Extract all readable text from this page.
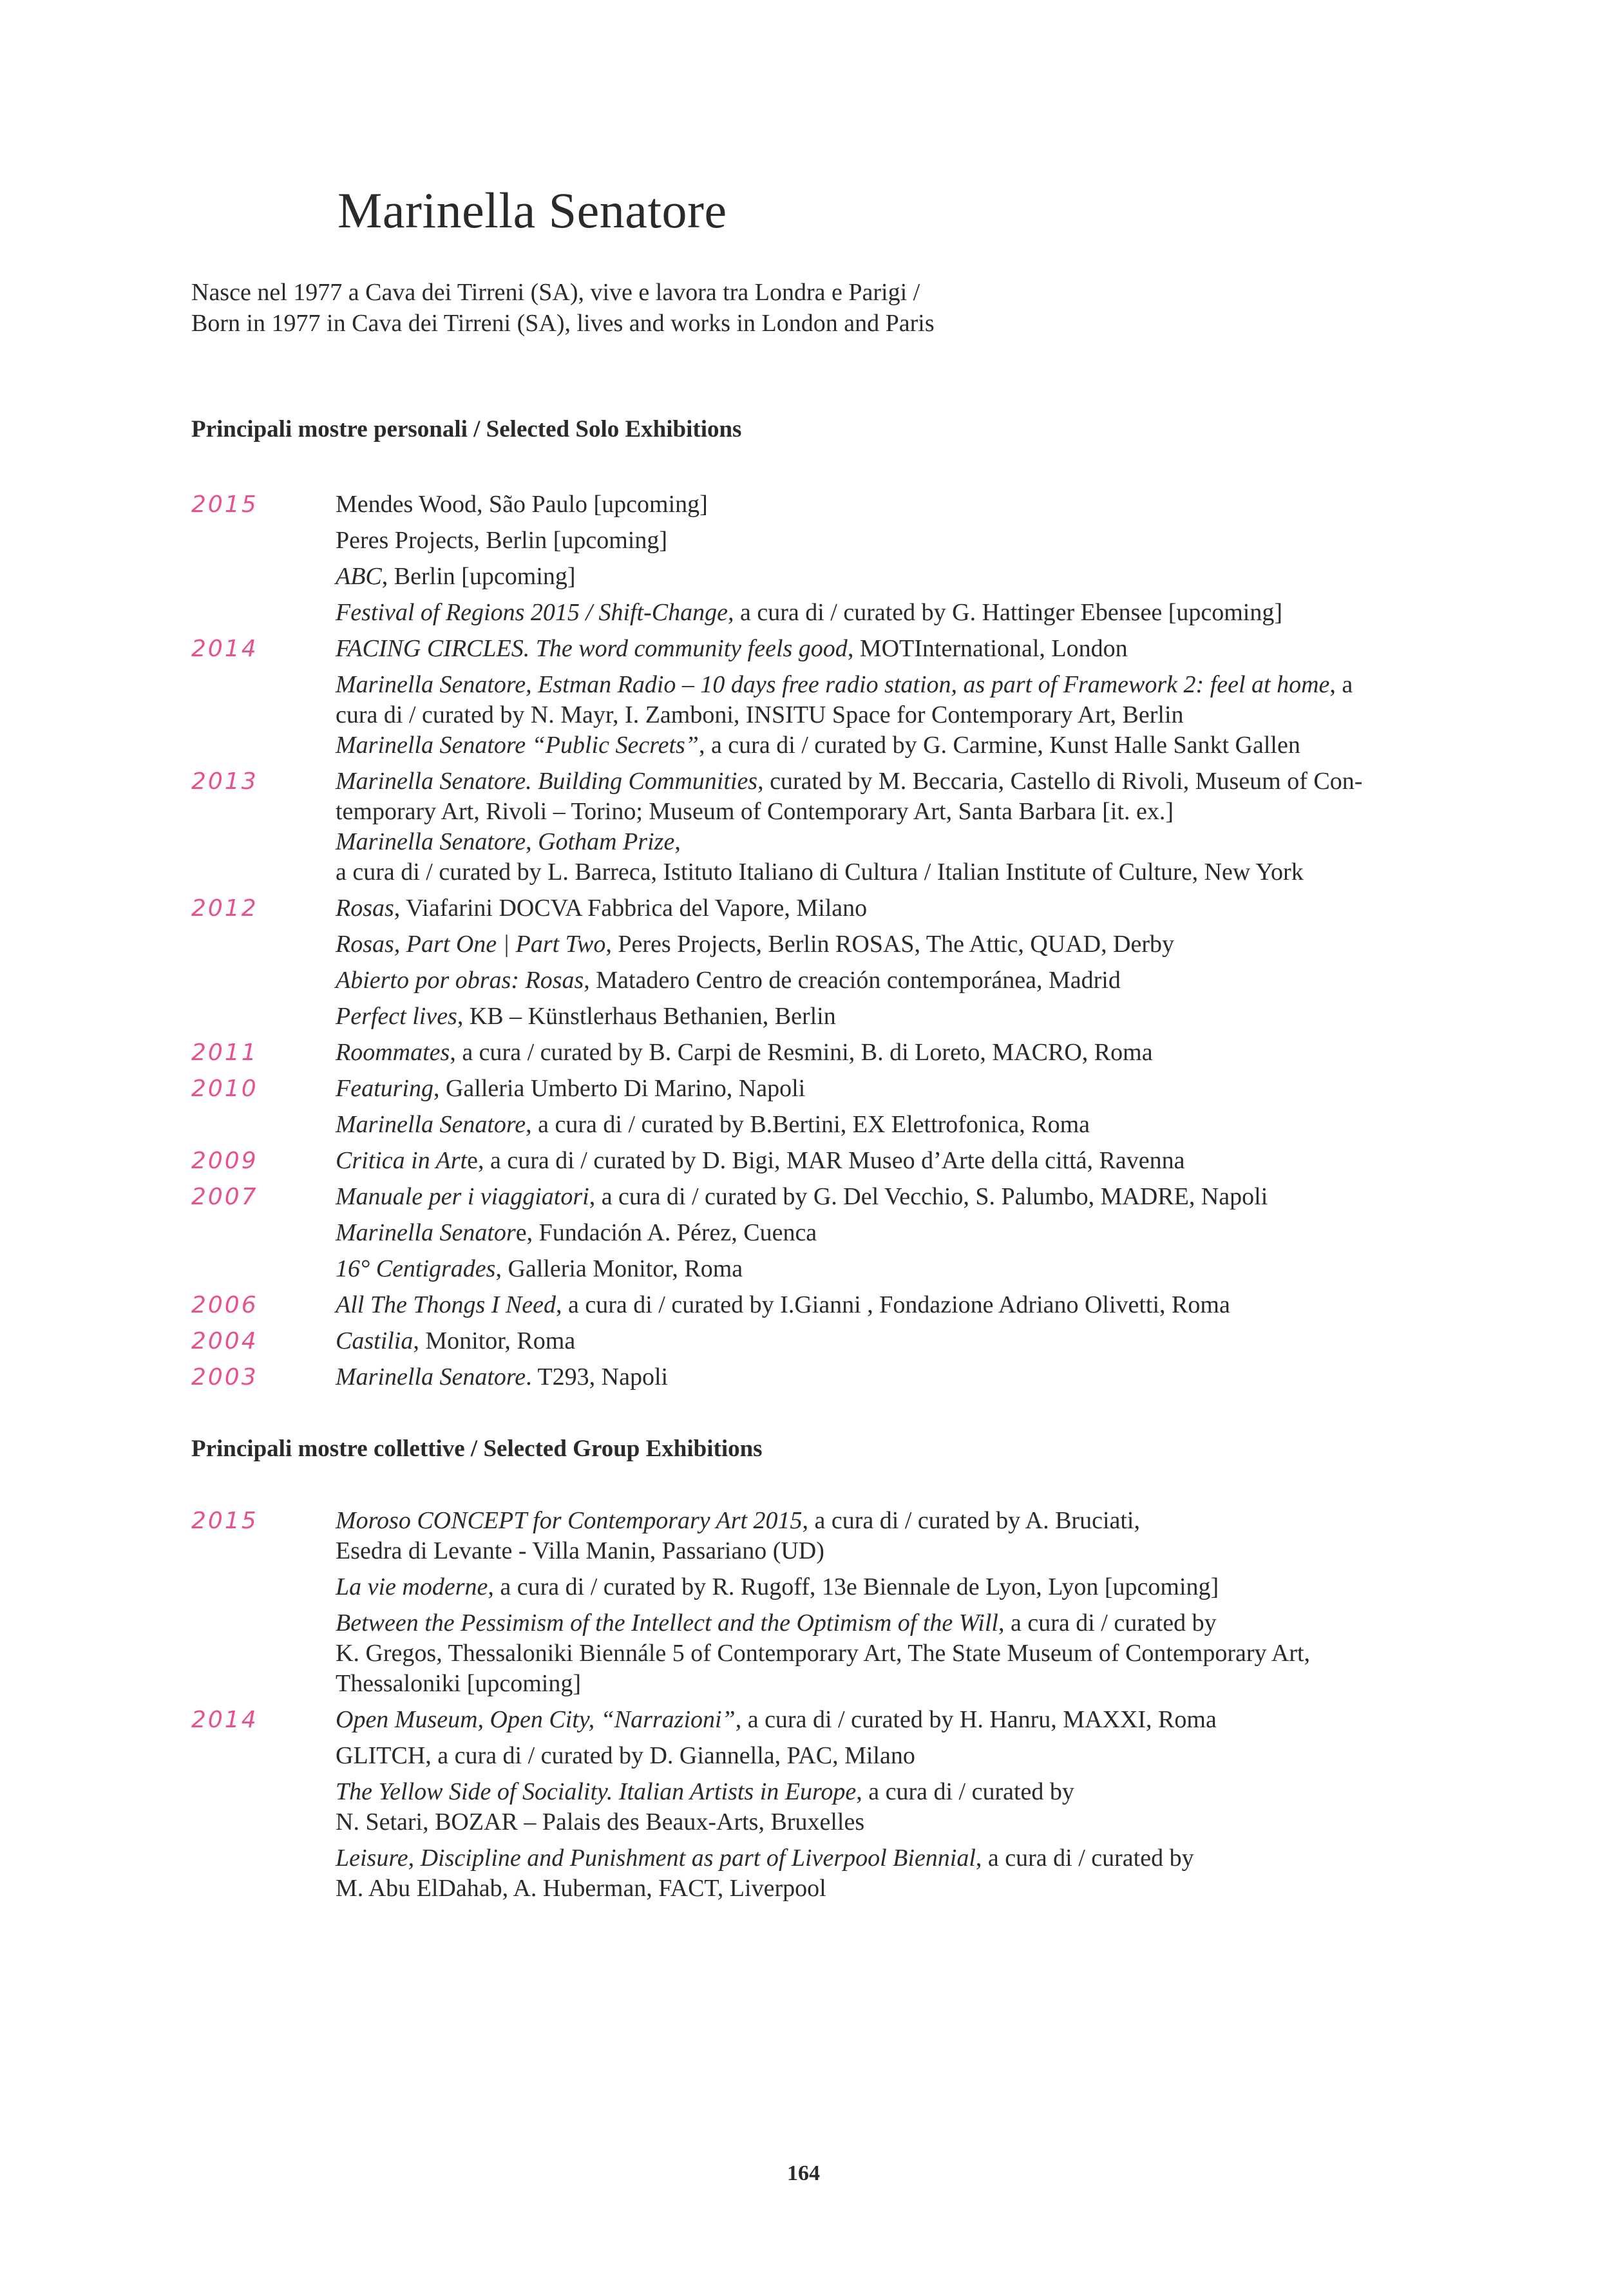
Marinella Senatore
Nasce nel 1977 a Cava dei Tirreni (SA), vive e lavora tra Londra e Parigi /
Born in 1977 in Cava dei Tirreni (SA), lives and works in London and Paris
Principali mostre personali / Selected Solo Exhibitions
2015	Mendes Wood, São Paulo [upcoming]
Peres Projects, Berlin [upcoming]
ABC, Berlin [upcoming]
Festival of Regions 2015 / Shift-Change, a cura di / curated by G. Hattinger Ebensee [upcoming]
2014	FACING CIRCLES. The word community feels good, MOTInternational, London
Marinella Senatore, Estman Radio – 10 days free radio station, as part of Framework 2: feel at home, a
cura di / curated by N. Mayr, I. Zamboni, INSITU Space for Contemporary Art, Berlin
Marinella Senatore “Public Secrets”, a cura di / curated by G. Carmine, Kunst Halle Sankt Gallen
2013	Marinella Senatore. Building Communities, curated by M. Beccaria, Castello di Rivoli, Museum of Con-
temporary Art, Rivoli – Torino; Museum of Contemporary Art, Santa Barbara [it. ex.]
Marinella Senatore, Gotham Prize,
a cura di / curated by L. Barreca, Istituto Italiano di Cultura / Italian Institute of Culture, New York
2012	Rosas, Viafarini DOCVA Fabbrica del Vapore, Milano
Rosas, Part One | Part Two, Peres Projects, Berlin ROSAS, The Attic, QUAD, Derby
Abierto por obras: Rosas, Matadero Centro de creación contemporánea, Madrid
Perfect lives, KB – Künstlerhaus Bethanien, Berlin
2011	Roommates, a cura / curated by B. Carpi de Resmini, B. di Loreto, MACRO, Roma
2010	Featuring, Galleria Umberto Di Marino, Napoli
Marinella Senatore, a cura di / curated by B.Bertini, EX Elettrofonica, Roma
2009	Critica in Arte, a cura di / curated by D. Bigi, MAR Museo d’Arte della cittá, Ravenna
2007	Manuale per i viaggiatori, a cura di / curated by G. Del Vecchio, S. Palumbo, MADRE, Napoli
Marinella Senatore, Fundación A. Pérez, Cuenca
16° Centigrades, Galleria Monitor, Roma
2006	All The Thongs I Need, a cura di / curated by I.Gianni , Fondazione Adriano Olivetti, Roma
2004	Castilia, Monitor, Roma
2003	Marinella Senatore. T293, Napoli
Principali mostre collettive / Selected Group Exhibitions
2015	Moroso CONCEPT for Contemporary Art 2015, a cura di / curated by A. Bruciati,
Esedra di Levante - Villa Manin, Passariano (UD)
La vie moderne, a cura di / curated by R. Rugoff, 13e Biennale de Lyon, Lyon [upcoming]
Between the Pessimism of the Intellect and the Optimism of the Will, a cura di / curated by
K. Gregos, Thessaloniki Biennále 5 of Contemporary Art, The State Museum of Contemporary Art,
Thessaloniki [upcoming]
2014	Open Museum, Open City, “Narrazioni”, a cura di / curated by H. Hanru, MAXXI, Roma
GLITCH, a cura di / curated by D. Giannella, PAC, Milano
The Yellow Side of Sociality. Italian Artists in Europe, a cura di / curated by
N. Setari, BOZAR – Palais des Beaux-Arts, Bruxelles
Leisure, Discipline and Punishment as part of Liverpool Biennial, a cura di / curated by
M. Abu ElDahab, A. Huberman, FACT, Liverpool
164
